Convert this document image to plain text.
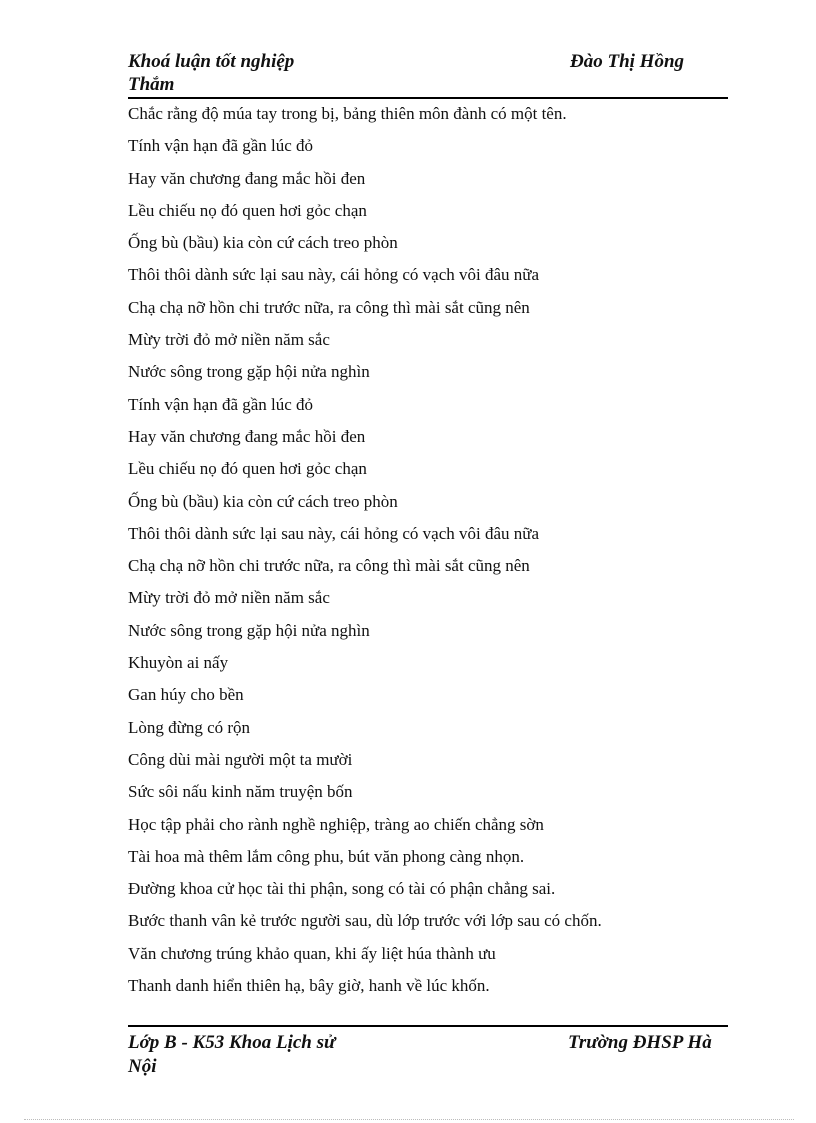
Khoá luận tốt nghiệp	Đào Thị Hồng
Thắm
Chắc rằng độ múa tay trong bị, bảng thiên môn đành có một tên.
Tính vận hạn đã gần lúc đỏ
Hay văn chương đang mắc hồi đen
Lều chiếu nọ đó quen hơi gỏc chạn
Ống bù (bầu) kia còn cứ cách treo phòn
Thôi thôi dành sức lại sau này, cái hỏng có vạch vôi đâu nữa
Chạ chạ nỡ hồn chi trước nữa, ra công thì mài sắt cũng nên
Mừy trời đỏ mở niền năm sắc
Nước sông trong gặp hội nửa nghìn
Tính vận hạn đã gần lúc đỏ
Hay văn chương đang mắc hồi đen
Lều chiếu nọ đó quen hơi gỏc chạn
Ống bù (bầu) kia còn cứ cách treo phòn
Thôi thôi dành sức lại sau này, cái hỏng có vạch vôi đâu nữa
Chạ chạ nỡ hồn chi trước nữa, ra công thì mài sắt cũng nên
Mừy trời đỏ mở niền năm sắc
Nước sông trong gặp hội nửa nghìn
Khuyòn ai nấy
Gan húy cho bền
Lòng đừng có rộn
Công dùi mài người một ta mười
Sức sôi nấu kinh năm truyện bốn
Học tập phải cho rành nghề nghiệp, tràng ao chiến chẳng sờn
Tài hoa mà thêm lắm công phu, bút văn phong càng nhọn.
Đường khoa cử học tài thi phận, song có tài có phận chẳng sai.
Bước thanh vân kẻ trước người sau, dù lớp trước với lớp sau có chốn.
Văn chương trúng khảo quan, khi ấy liệt húa thành ưu
Thanh danh hiển thiên hạ, bây giờ, hanh về lúc khốn.
Lớp B - K53 Khoa Lịch sử	Trường ĐHSP Hà
Nội
